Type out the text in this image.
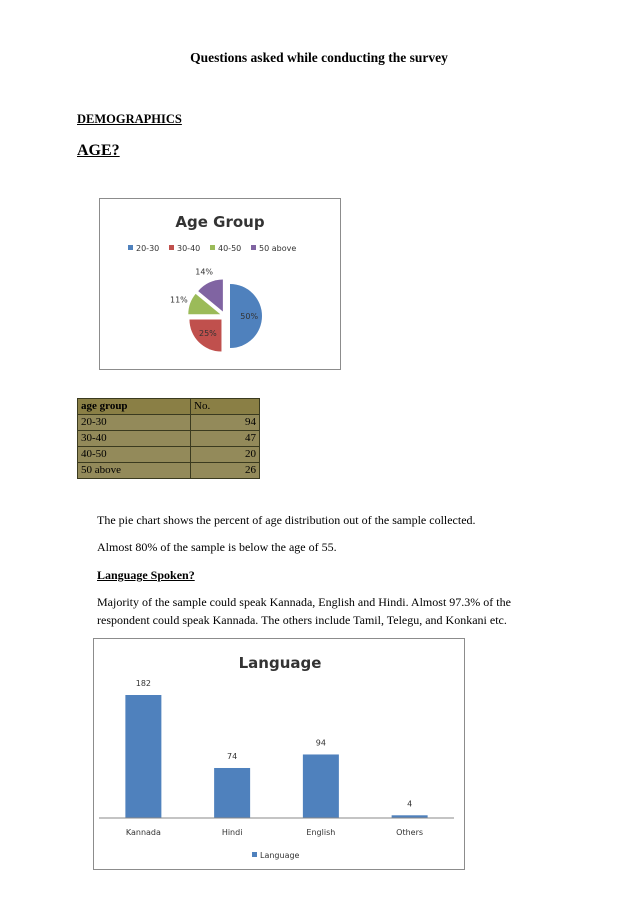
Questions asked while conducting the survey
DEMOGRAPHICS
AGE?
Age Group
20-30 30-40 40-50 50 above
50%
25%
11%
14%
age group	No.
20-30	94
30-40	47
40-50	20
50 above	26
The pie chart shows the percent of age distribution out of the sample collected.
Almost 80% of the sample is below the age of 55.
Language Spoken?
Majority of the sample could speak Kannada, English and Hindi. Almost 97.3% of the
respondent could speak Kannada. The others include Tamil, Telegu, and Konkani etc.
Language
182
74
94
4
Kannada	Hindi	English	Others
Language
